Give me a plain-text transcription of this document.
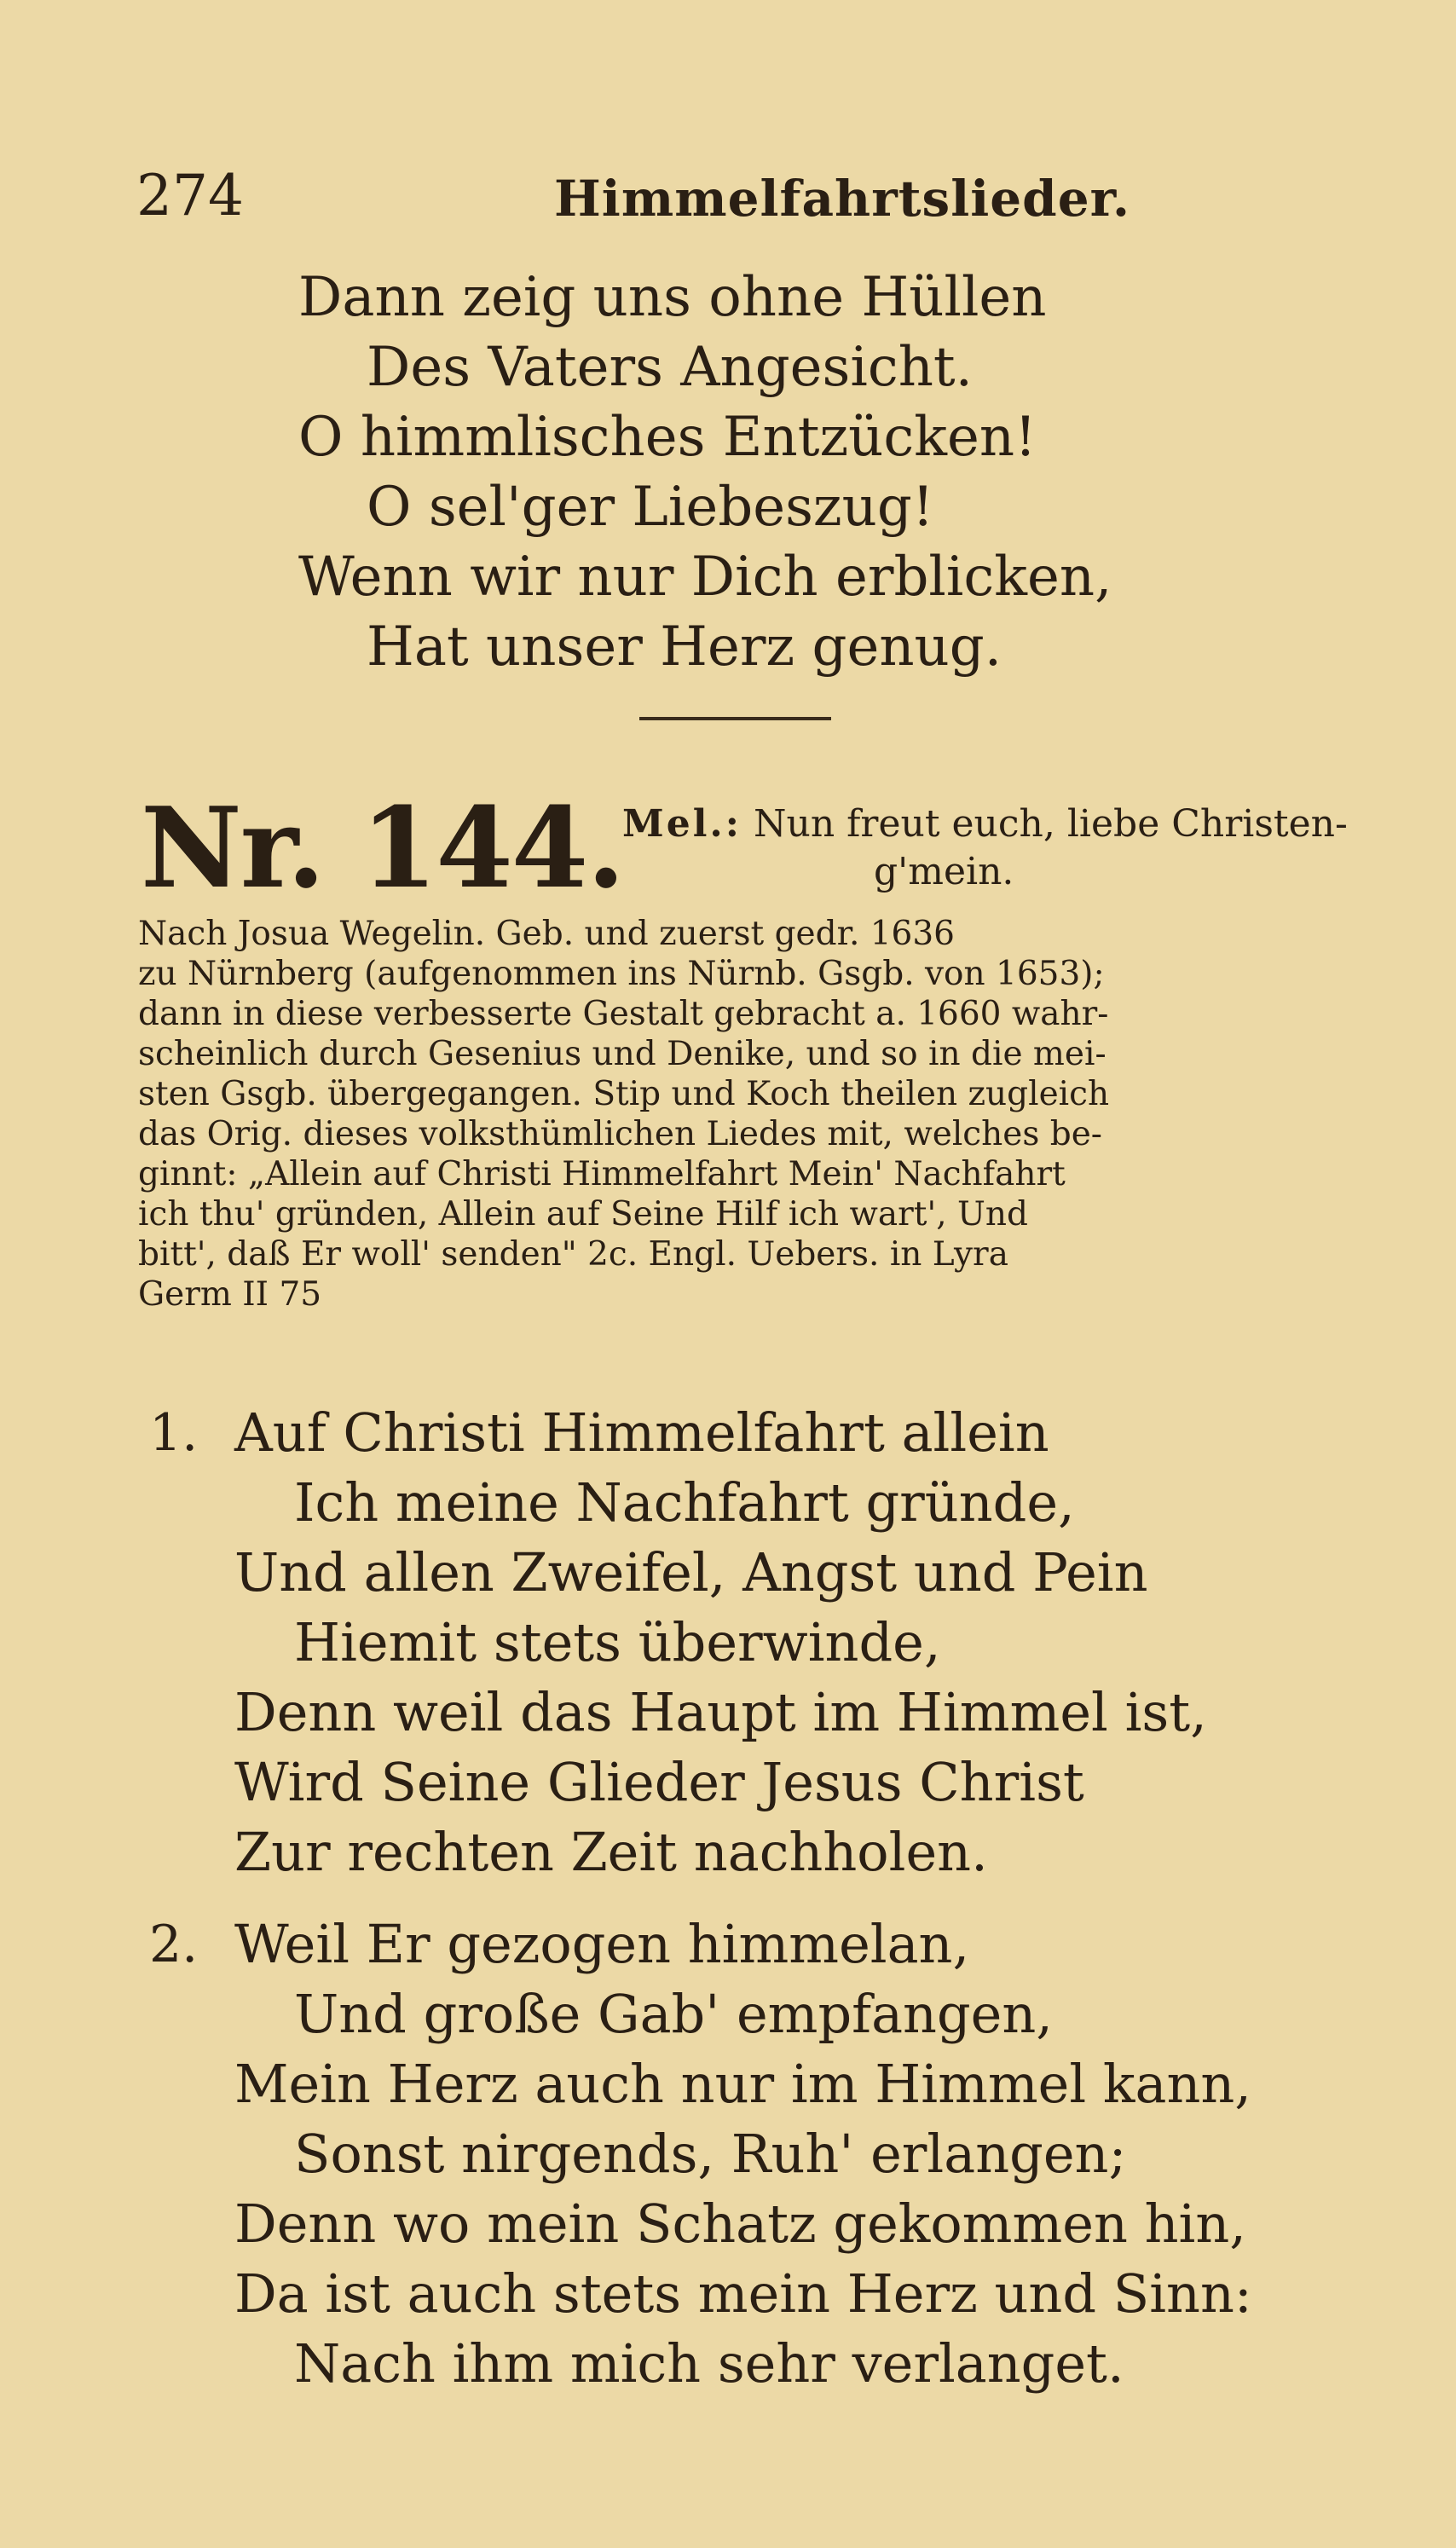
274	Himmelfahrtslieder.
Dann zeig uns ohne Hüllen
Des Vaters Angesicht.
O himmlisches Entzücken!
O sel'ger Liebeszug!
Wenn wir nur Dich erblicken,
Hat unser Herz genug.
Nr. 144.
Mel.: Nun freut euch, liebe Christen-
g'mein.
Nach Josua Wegelin. Geb. und zuerst gedr. 1636
zu Nürnberg (aufgenommen ins Nürnb. Gsgb. von 1653);
dann in diese verbesserte Gestalt gebracht a. 1660 wahr-
scheinlich durch Gesenius und Denike, und so in die mei-
sten Gsgb. übergegangen. Stip und Koch theilen zugleich
das Orig. dieses volksthümlichen Liedes mit, welches be-
ginnt: „Allein auf Christi Himmelfahrt Mein' Nachfahrt
ich thu' gründen, Allein auf Seine Hilf ich wart', Und
bitt', daß Er woll' senden" 2c. Engl. Uebers. in Lyra
Germ II 75
1. Auf Christi Himmelfahrt allein
Ich meine Nachfahrt gründe,
Und allen Zweifel, Angst und Pein
Hiemit stets überwinde,
Denn weil das Haupt im Himmel ist,
Wird Seine Glieder Jesus Christ
Zur rechten Zeit nachholen.
2. Weil Er gezogen himmelan,
Und große Gab' empfangen,
Mein Herz auch nur im Himmel kann,
Sonst nirgends, Ruh' erlangen;
Denn wo mein Schatz gekommen hin,
Da ist auch stets mein Herz und Sinn:
Nach ihm mich sehr verlanget.
